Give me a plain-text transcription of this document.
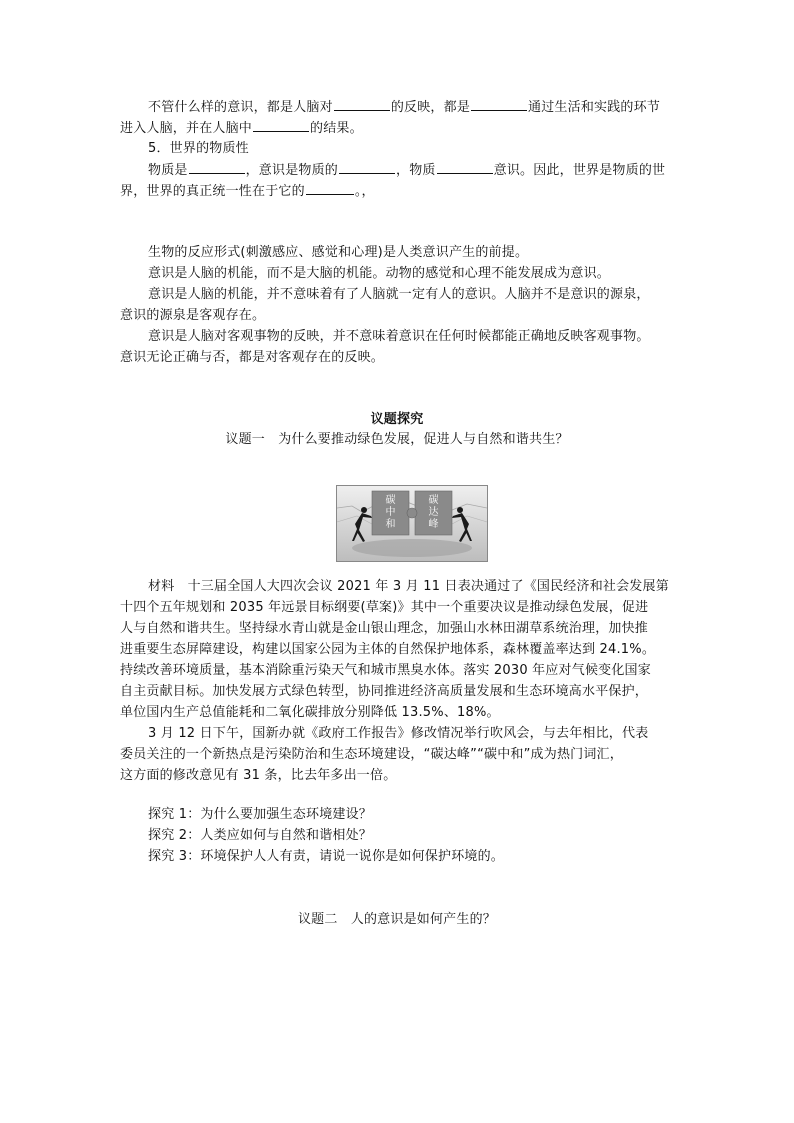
不管什么样的意识，都是人脑对	的反映，都是	通过生活和实践的环节
进入人脑，并在人脑中	的结果。
5．世界的物质性
物质是	，意识是物质的	，物质	意识。因此，世界是物质的世
界，世界的真正统一性在于它的	。，
生物的反应形式(刺激感应、感觉和心理)是人类意识产生的前提。
意识是人脑的机能，而不是大脑的机能。动物的感觉和心理不能发展成为意识。
意识是人脑的机能，并不意味着有了人脑就一定有人的意识。人脑并不是意识的源泉，
意识的源泉是客观存在。
意识是人脑对客观事物的反映，并不意味着意识在任何时候都能正确地反映客观事物。
意识无论正确与否，都是对客观存在的反映。
议题探究
议题一　为什么要推动绿色发展，促进人与自然和谐共生？
碳
中
和
碳
达
峰
材料　十三届全国人大四次会议 2021 年 3 月 11 日表决通过了《国民经济和社会发展第
十四个五年规划和 2035 年远景目标纲要(草案)》其中一个重要决议是推动绿色发展，促进
人与自然和谐共生。坚持绿水青山就是金山银山理念，加强山水林田湖草系统治理，加快推
进重要生态屏障建设，构建以国家公园为主体的自然保护地体系，森林覆盖率达到 24.1%。
持续改善环境质量，基本消除重污染天气和城市黑臭水体。落实 2030 年应对气候变化国家
自主贡献目标。加快发展方式绿色转型，协同推进经济高质量发展和生态环境高水平保护，
单位国内生产总值能耗和二氧化碳排放分别降低 13.5%、18%。
3 月 12 日下午，国新办就《政府工作报告》修改情况举行吹风会，与去年相比，代表
委员关注的一个新热点是污染防治和生态环境建设，“碳达峰”“碳中和”成为热门词汇，
这方面的修改意见有 31 条，比去年多出一倍。
探究 1：为什么要加强生态环境建设？
探究 2：人类应如何与自然和谐相处？
探究 3：环境保护人人有责，请说一说你是如何保护环境的。
议题二　人的意识是如何产生的？
